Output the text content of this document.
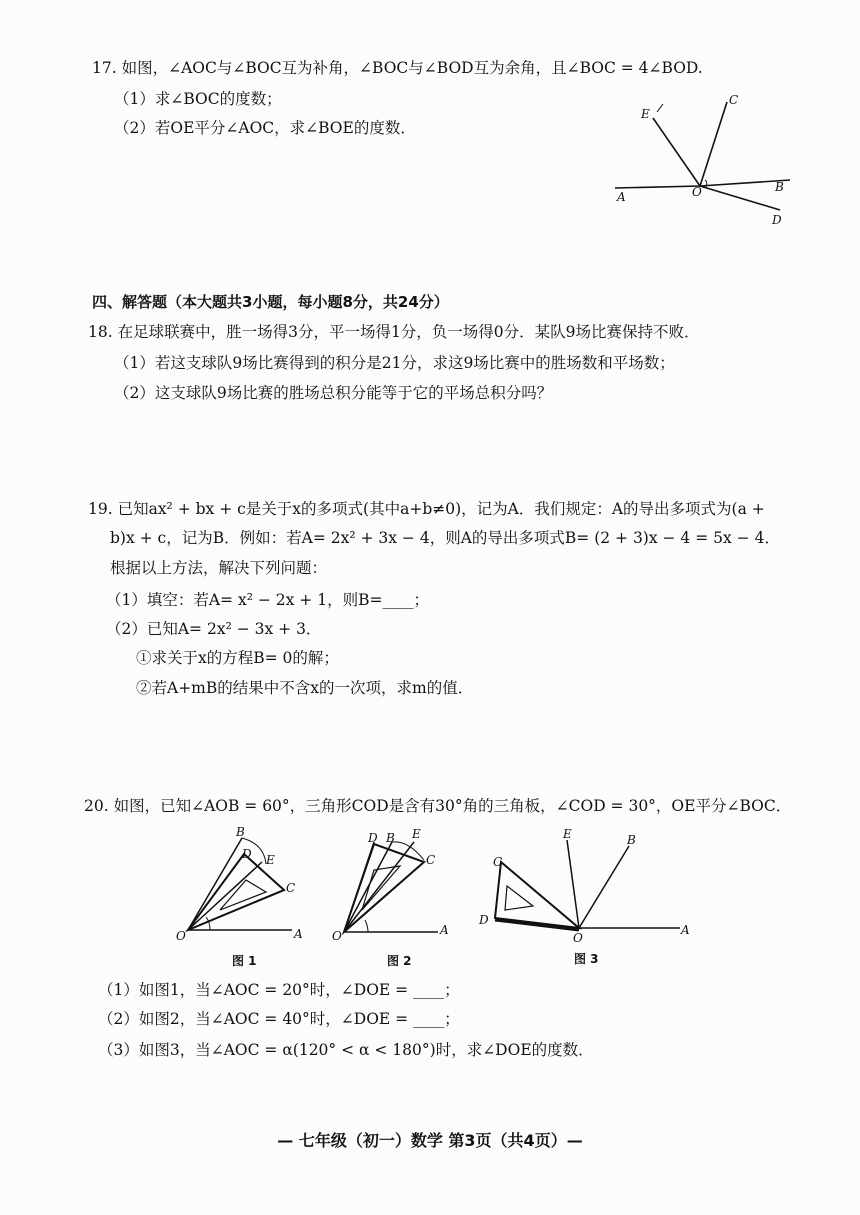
17. 如图，∠AOC与∠BOC互为补角，∠BOC与∠BOD互为余角，且∠BOC = 4∠BOD.
（1）求∠BOC的度数；
（2）若OE平分∠AOC，求∠BOE的度数．
E
C
A	O	B
D
四、解答题（本大题共3小题，每小题8分，共24分）
18. 在足球联赛中，胜一场得3分，平一场得1分，负一场得0分．某队9场比赛保持不败．
（1）若这支球队9场比赛得到的积分是21分，求这9场比赛中的胜场数和平场数；
（2）这支球队9场比赛的胜场总积分能等于它的平场总积分吗？
19. 已知ax² + bx + c是关于x的多项式(其中a+b≠0)，记为A．我们规定：A的导出多项式为(a +
b)x + c，记为B．例如：若A= 2x² + 3x − 4，则A的导出多项式B= (2 + 3)x − 4 = 5x − 4．
根据以上方法，解决下列问题：
（1）填空：若A= x² − 2x + 1，则B=____；
（2）已知A= 2x² − 3x + 3．
①求关于x的方程B= 0的解；
②若A+mB的结果中不含x的一次项，求m的值．
20. 如图，已知∠AOB = 60°，三角形COD是含有30°角的三角板，∠COD = 30°，OE平分∠BOC．
B
D E
C
O	A
图 1
D B E
C
O	A
图 2
E	B
C
D
O
A
图 3
（1）如图1，当∠AOC = 20°时，∠DOE = ____；
（2）如图2，当∠AOC = 40°时，∠DOE = ____；
（3）如图3，当∠AOC = α(120° < α < 180°)时，求∠DOE的度数．
— 七年级（初一）数学 第3页（共4页）—
